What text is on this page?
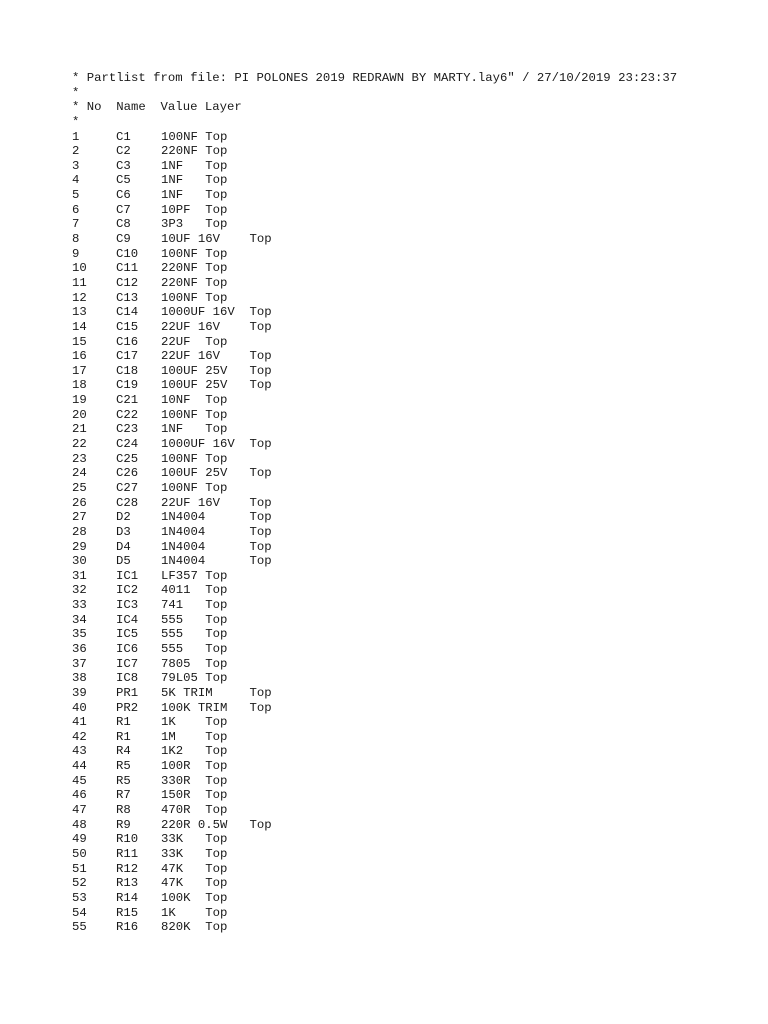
* Partlist from file: PI POLONES 2019 REDRAWN BY MARTY.lay6" / 27/10/2019 23:23:37
*
* No  Name  Value Layer
*
1	C1 100NF Top
2	C2 220NF Top
3	C3 1NF   Top
4	C5 1NF   Top
5	C6 1NF   Top
6	C7 10PF  Top
7	C8 3P3   Top
8	C9 10UF 16V    Top
9	C10 100NF Top
10 C11 220NF Top
11 C12 220NF Top
12 C13 100NF Top
13 C14 1000UF 16V  Top
14 C15 22UF 16V    Top
15 C16 22UF  Top
16 C17 22UF 16V    Top
17 C18 100UF 25V   Top
18 C19 100UF 25V   Top
19 C21 10NF  Top
20 C22 100NF Top
21 C23 1NF   Top
22 C24 1000UF 16V  Top
23 C25 100NF Top
24 C26 100UF 25V   Top
25 C27 100NF Top
26 C28 22UF 16V    Top
27 D2 1N4004      Top
28 D3 1N4004      Top
29 D4 1N4004      Top
30 D5 1N4004      Top
31 IC1 LF357 Top
32 IC2 4011  Top
33 IC3 741   Top
34 IC4 555   Top
35 IC5 555   Top
36 IC6 555   Top
37 IC7 7805  Top
38 IC8 79L05 Top
39 PR1 5K TRIM     Top
40 PR2 100K TRIM   Top
41 R1 1K    Top
42 R1 1M    Top
43 R4 1K2   Top
44 R5 100R  Top
45 R5 330R  Top
46 R7 150R  Top
47 R8 470R  Top
48 R9 220R 0.5W   Top
49 R10 33K   Top
50 R11 33K   Top
51 R12 47K   Top
52 R13 47K   Top
53 R14 100K  Top
54 R15 1K    Top
55 R16 820K  Top
